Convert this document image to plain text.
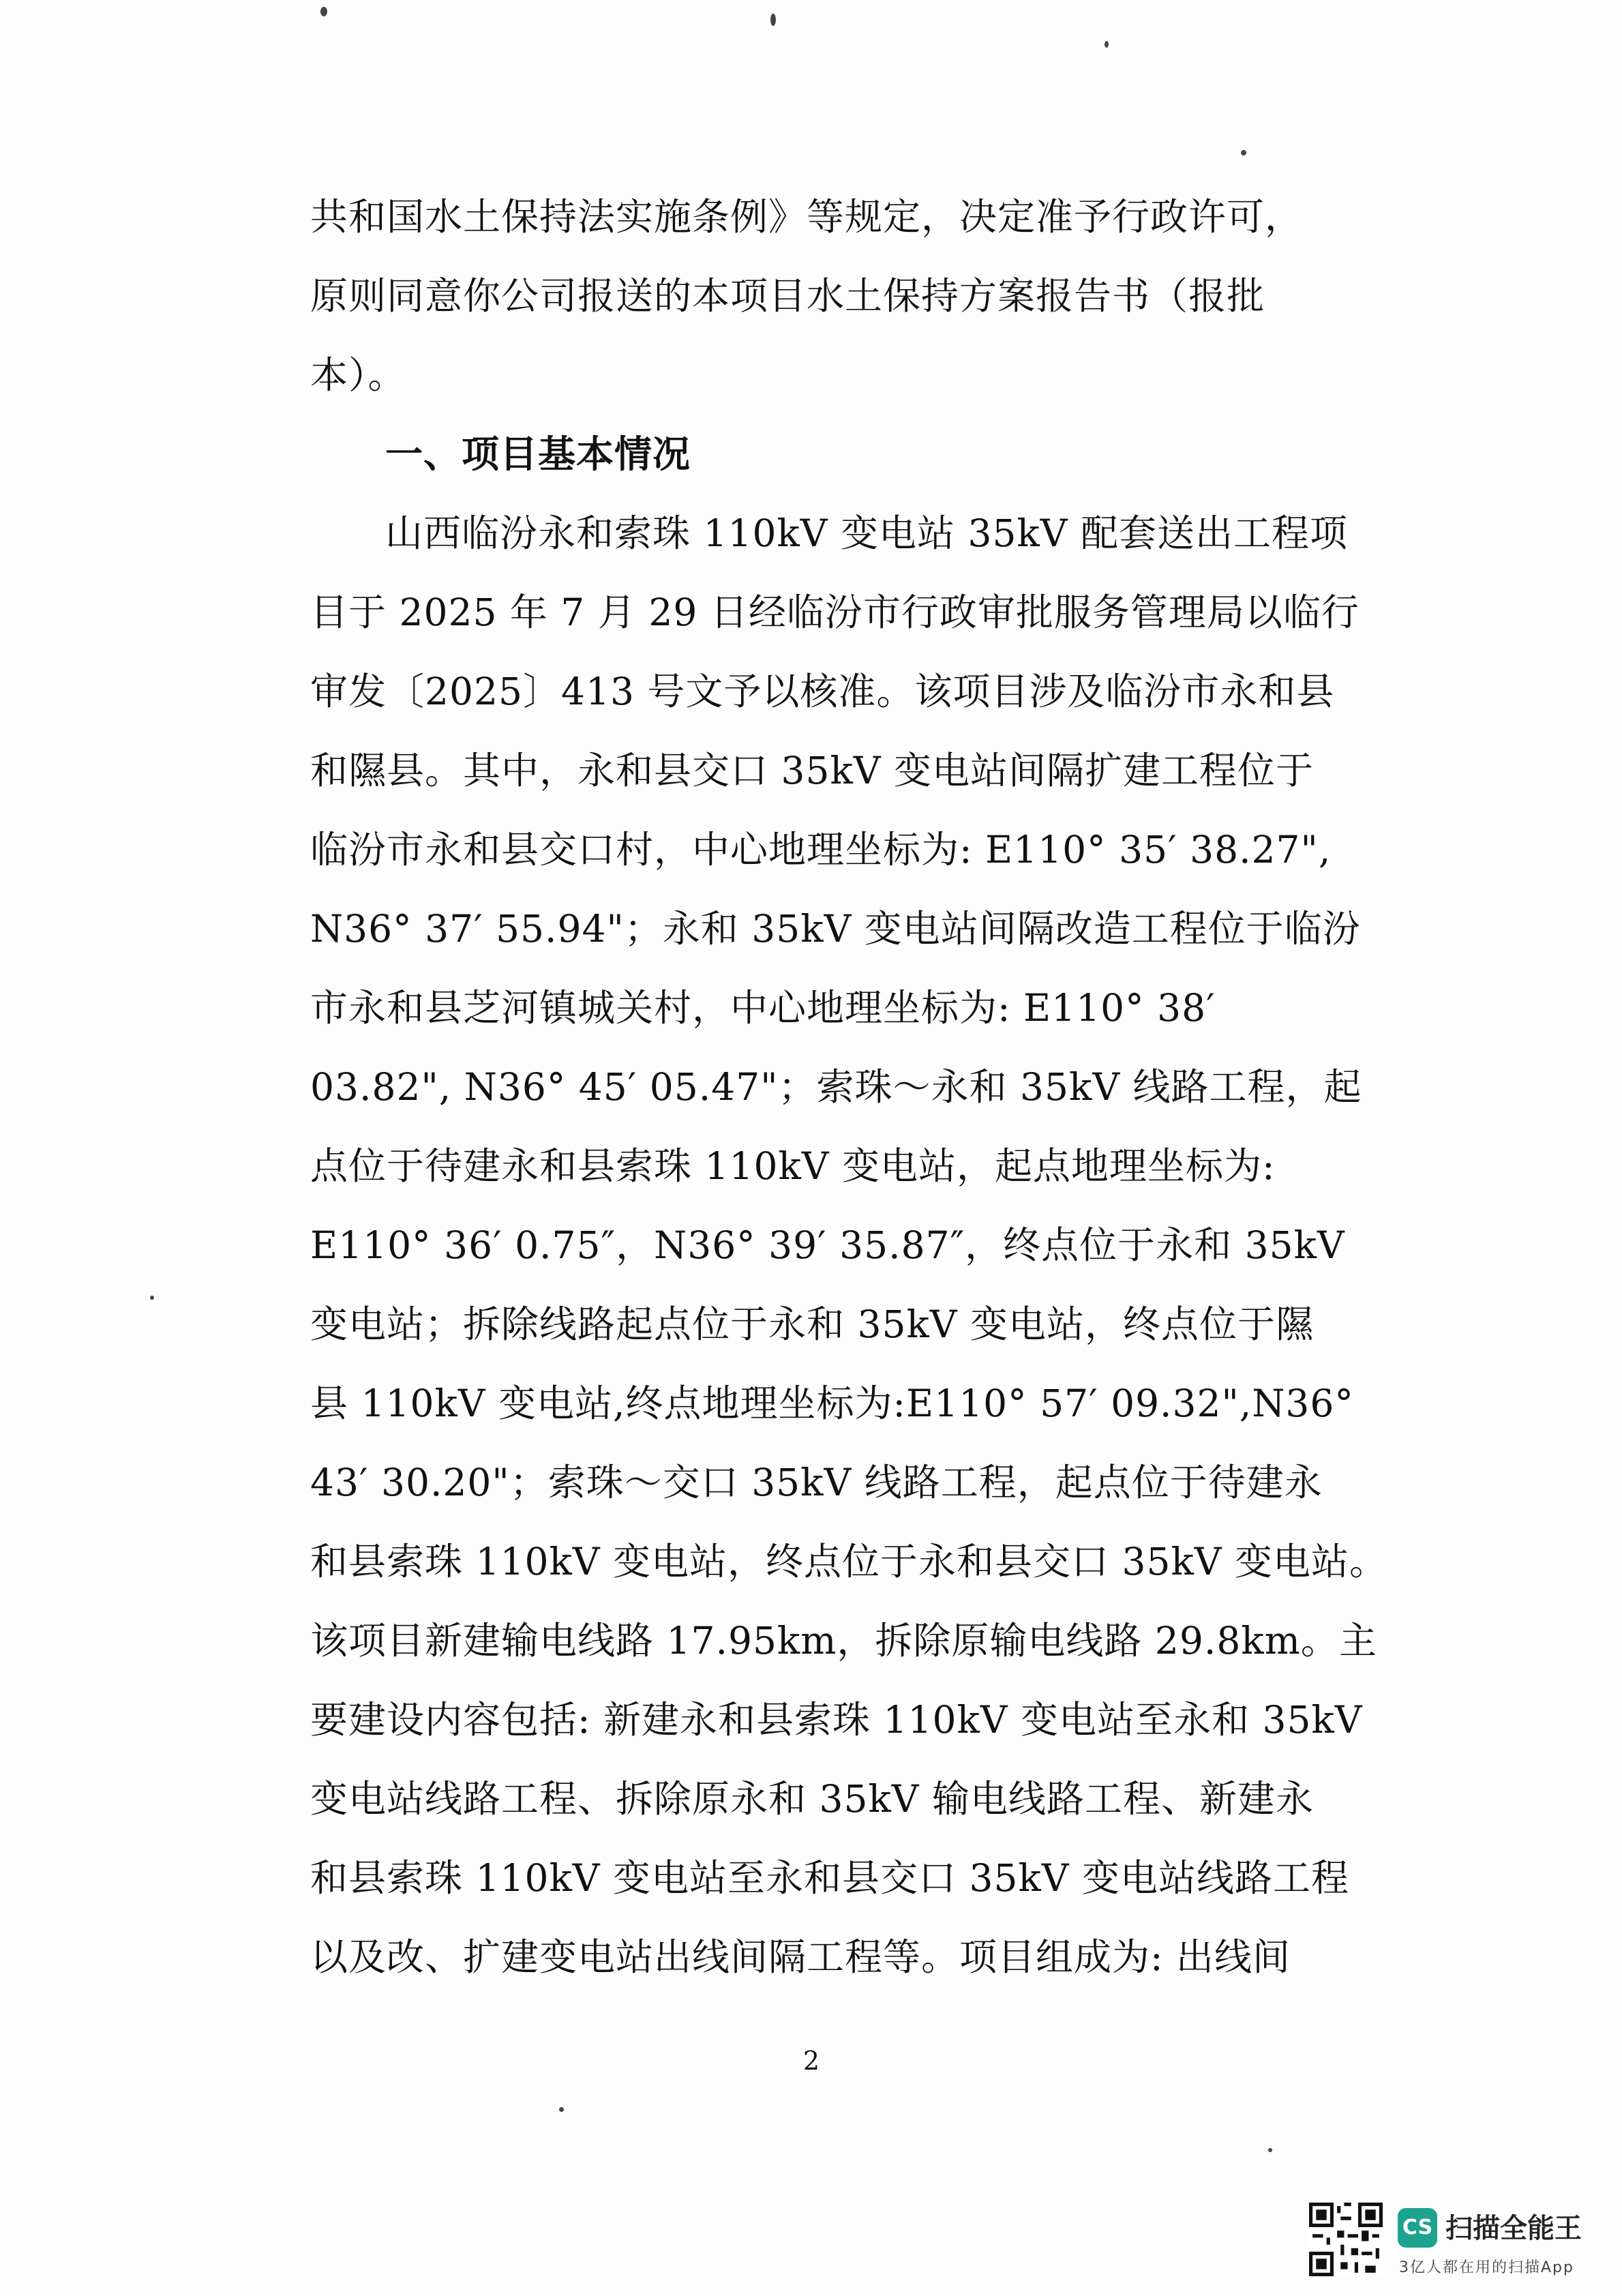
共和国水土保持法实施条例》等规定，决定准予行政许可，
原则同意你公司报送的本项目水土保持方案报告书（报批
本）。
一、项目基本情况
山西临汾永和索珠 110kV 变电站 35kV 配套送出工程项
目于 2025 年 7 月 29 日经临汾市行政审批服务管理局以临行
审发〔2025〕413 号文予以核准。该项目涉及临汾市永和县
和隰县。其中，永和县交口 35kV 变电站间隔扩建工程位于
临汾市永和县交口村，中心地理坐标为: E110° 35′ 38.27",
N36° 37′ 55.94"；永和 35kV 变电站间隔改造工程位于临汾
市永和县芝河镇城关村，中心地理坐标为: E110° 38′
03.82", N36° 45′ 05.47"；索珠～永和 35kV 线路工程，起
点位于待建永和县索珠 110kV 变电站，起点地理坐标为:
E110° 36′ 0.75″，N36° 39′ 35.87″，终点位于永和 35kV
变电站；拆除线路起点位于永和 35kV 变电站，终点位于隰
县 110kV 变电站,终点地理坐标为:E110° 57′ 09.32",N36°
43′ 30.20"；索珠～交口 35kV 线路工程，起点位于待建永
和县索珠 110kV 变电站，终点位于永和县交口 35kV 变电站。
该项目新建输电线路 17.95km，拆除原输电线路 29.8km。主
要建设内容包括: 新建永和县索珠 110kV 变电站至永和 35kV
变电站线路工程、拆除原永和 35kV 输电线路工程、新建永
和县索珠 110kV 变电站至永和县交口 35kV 变电站线路工程
以及改、扩建变电站出线间隔工程等。项目组成为: 出线间
2
CS 扫描全能王
3亿人都在用的扫描App
